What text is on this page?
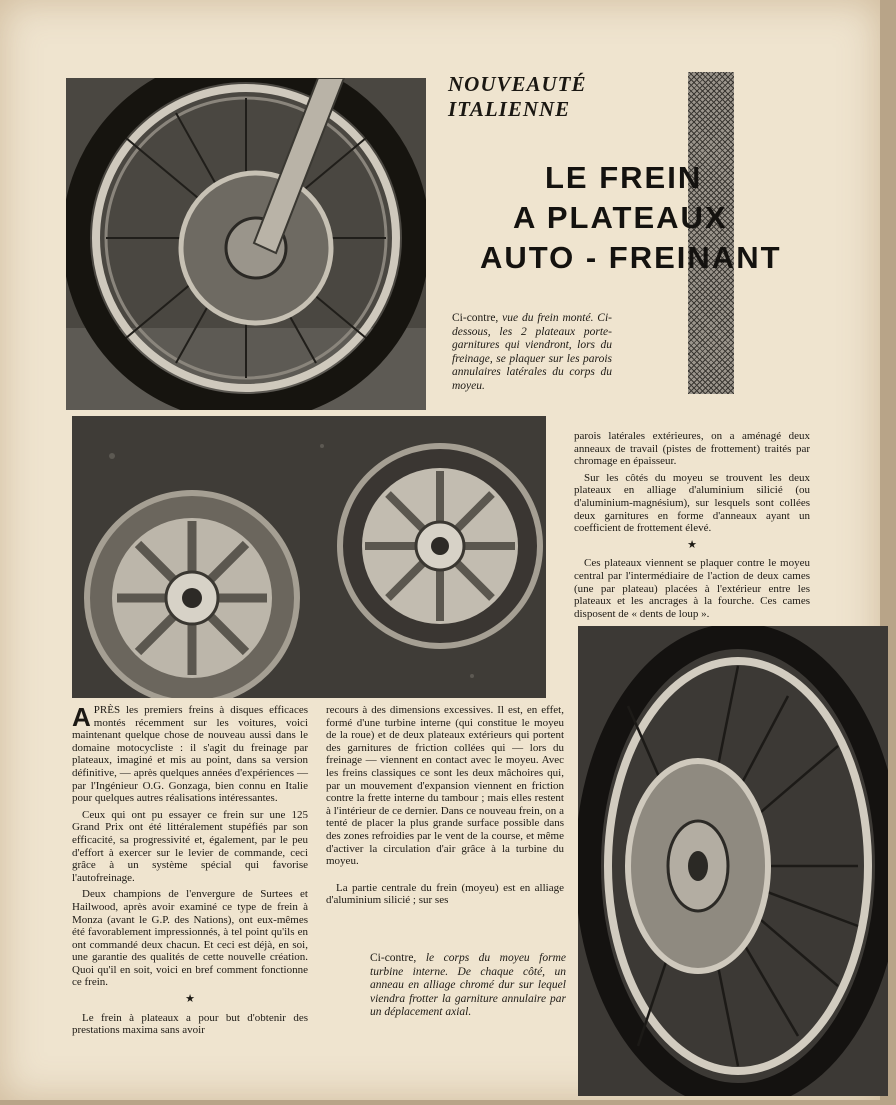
NOUVEAUTÉ
ITALIENNE
LE FREIN
A PLATEAUX
AUTO - FREINANT
Ci-contre, vue du frein monté. Ci-dessous, les 2 plateaux porte-garnitures qui viendront, lors du freinage, se plaquer sur les parois annulaires latérales du corps du moyeu.

parois latérales extérieures, on a aménagé deux anneaux de travail (pistes de frottement) traités par chromage en épaisseur.

Sur les côtés du moyeu se trouvent les deux plateaux en alliage d'aluminium silicié (ou d'aluminium-magnésium), sur lesquels sont collées deux garnitures en forme d'anneaux ayant un coefficient de frottement élevé.

★

Ces plateaux viennent se plaquer contre le moyeu central par l'intermédiaire de l'action de deux cames (une par plateau) placées à l'extérieur entre les plateaux et les ancrages à la fourche. Ces cames disposent de « dents de loup ».

APRÈS les premiers freins à disques efficaces montés récemment sur les voitures, voici maintenant quelque chose de nouveau aussi dans le domaine motocycliste : il s'agit du freinage par plateaux, imaginé et mis au point, dans sa version définitive, — après quelques années d'expériences — par l'Ingénieur O.G. Gonzaga, bien connu en Italie pour quelques autres réalisations intéressantes.

Ceux qui ont pu essayer ce frein sur une 125 Grand Prix ont été littéralement stupéfiés par son efficacité, sa progressivité et, également, par le peu d'effort à exercer sur le levier de commande, ceci grâce à un système spécial qui favorise l'autofreinage.

Deux champions de l'envergure de Surtees et Hailwood, après avoir examiné ce type de frein à Monza (avant le G.P. des Nations), ont eux-mêmes été favorablement impressionnés, à tel point qu'ils en ont commandé deux chacun. Et ceci est déjà, en soi, une garantie des qualités de cette nouvelle création. Quoi qu'il en soit, voici en bref comment fonctionne ce frein.

★

Le frein à plateaux a pour but d'obtenir des prestations maxima sans avoir

recours à des dimensions excessives. Il est, en effet, formé d'une turbine interne (qui constitue le moyeu de la roue) et de deux plateaux extérieurs qui portent des garnitures de friction collées qui — lors du freinage — viennent en contact avec le moyeu. Avec les freins classiques ce sont les deux mâchoires qui, par un mouvement d'expansion viennent en friction contre la frette interne du tambour ; mais elles restent à l'intérieur de ce dernier. Dans ce nouveau frein, on a tenté de placer la plus grande surface possible dans des zones refroidies par le vent de la course, et même d'activer la circulation d'air grâce à la turbine du moyeu.

La partie centrale du frein (moyeu) est en alliage d'aluminium silicié ; sur ses

Ci-contre, le corps du moyeu forme turbine interne. De chaque côté, un anneau en alliage chromé dur sur lequel viendra frotter la garniture annulaire par un déplacement axial.
